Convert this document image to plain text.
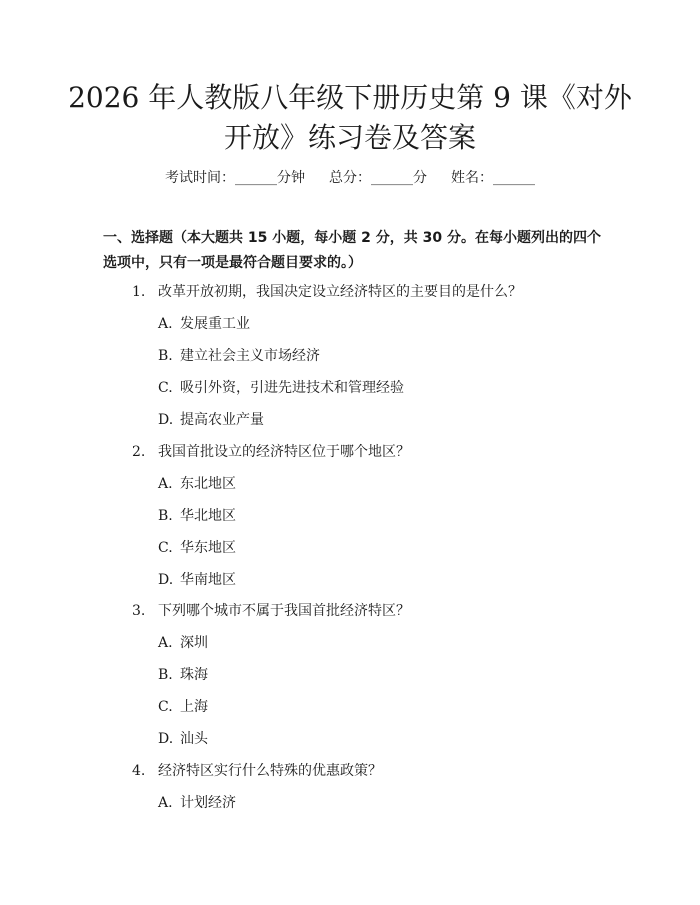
2026 年人教版八年级下册历史第 9 课《对外
开放》练习卷及答案
考试时间：______分钟 总分：______分 姓名：______
一、选择题（本大题共 15 小题，每小题 2 分，共 30 分。在每小题列出的四个选项中，只有一项是最符合题目要求的。）
1. 改革开放初期，我国决定设立经济特区的主要目的是什么？
A. 发展重工业
B. 建立社会主义市场经济
C. 吸引外资，引进先进技术和管理经验
D. 提高农业产量
2. 我国首批设立的经济特区位于哪个地区？
A. 东北地区
B. 华北地区
C. 华东地区
D. 华南地区
3. 下列哪个城市不属于我国首批经济特区？
A. 深圳
B. 珠海
C. 上海
D. 汕头
4. 经济特区实行什么特殊的优惠政策？
A. 计划经济
